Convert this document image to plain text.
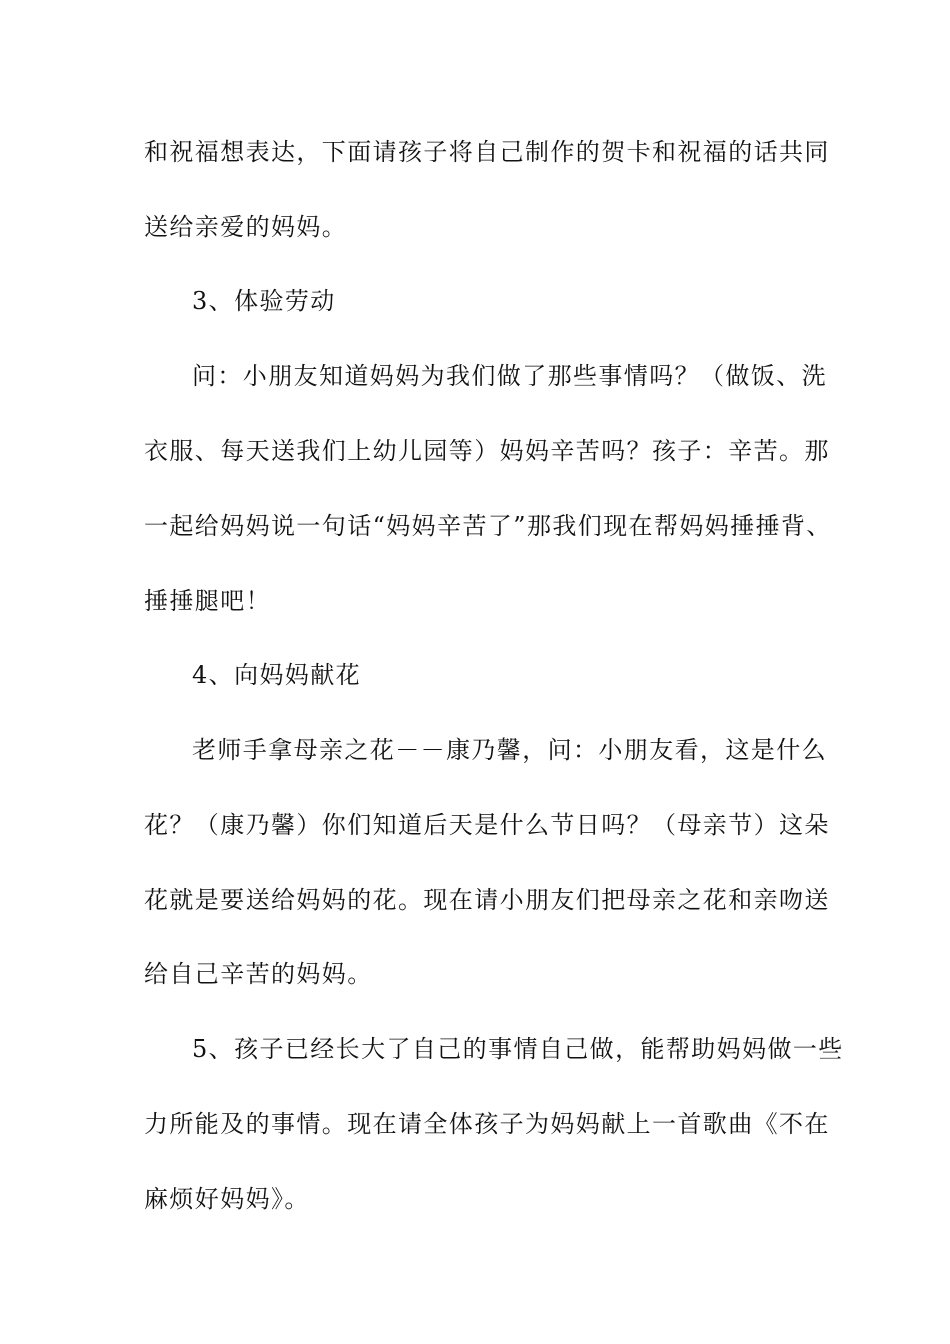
和祝福想表达，下面请孩子将自己制作的贺卡和祝福的话共同
送给亲爱的妈妈。
3、体验劳动
问：小朋友知道妈妈为我们做了那些事情吗？（做饭、洗
衣服、每天送我们上幼儿园等）妈妈辛苦吗？孩子：辛苦。那
一起给妈妈说一句话“妈妈辛苦了”那我们现在帮妈妈捶捶背、
捶捶腿吧！
4、向妈妈献花
老师手拿母亲之花－－康乃馨，问：小朋友看，这是什么
花？（康乃馨）你们知道后天是什么节日吗？（母亲节）这朵
花就是要送给妈妈的花。现在请小朋友们把母亲之花和亲吻送
给自己辛苦的妈妈。
5、孩子已经长大了自己的事情自己做，能帮助妈妈做一些
力所能及的事情。现在请全体孩子为妈妈献上一首歌曲《不在
麻烦好妈妈》。
